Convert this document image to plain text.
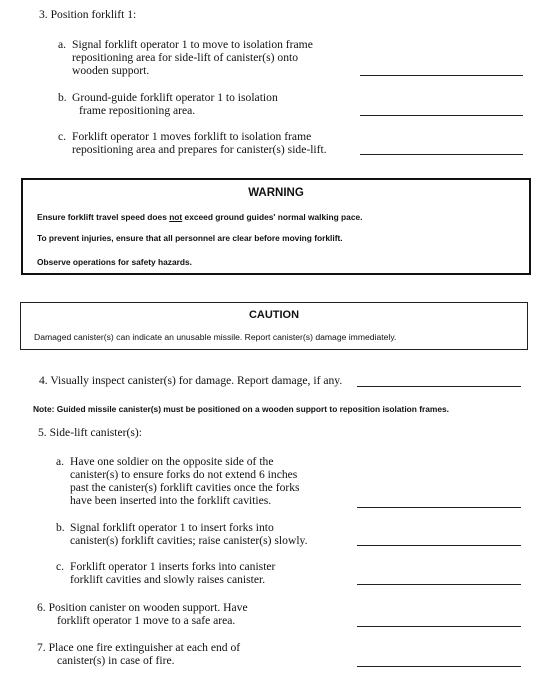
3. Position forklift 1:
a. Signal forklift operator 1 to move to isolation frame
repositioning area for side-lift of canister(s) onto
wooden support.
b. Ground-guide forklift operator 1 to isolation
frame repositioning area.
c. Forklift operator 1 moves forklift to isolation frame
repositioning area and prepares for canister(s) side-lift.
WARNING
Ensure forklift travel speed does not exceed ground guides' normal walking pace.
To prevent injuries, ensure that all personnel are clear before moving forklift.
Observe operations for safety hazards.
CAUTION
Damaged canister(s) can indicate an unusable missile. Report canister(s) damage immediately.
4. Visually inspect canister(s) for damage. Report damage, if any.
Note: Guided missile canister(s) must be positioned on a wooden support to reposition isolation frames.
5. Side-lift canister(s):
a. Have one soldier on the opposite side of the
canister(s) to ensure forks do not extend 6 inches
past the canister(s) forklift cavities once the forks
have been inserted into the forklift cavities.
b. Signal forklift operator 1 to insert forks into
canister(s) forklift cavities; raise canister(s) slowly.
c. Forklift operator 1 inserts forks into canister
forklift cavities and slowly raises canister.
6. Position canister on wooden support. Have
forklift operator 1 move to a safe area.
7. Place one fire extinguisher at each end of
canister(s) in case of fire.
